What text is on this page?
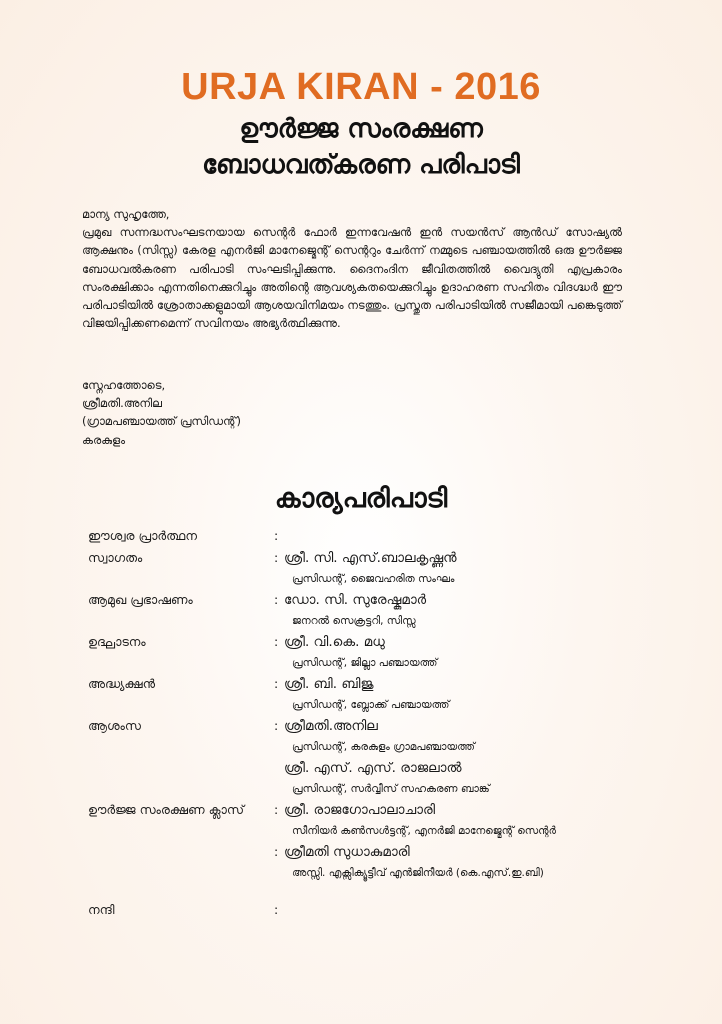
URJA KIRAN - 2016
ഊർജ്ജ സംരക്ഷണ
ബോധവത്കരണ പരിപാടി

മാന്യ സുഹൃത്തേ,

പ്രമുഖ സന്നദ്ധസംഘടനയായ സെന്റർ ഫോർ ഇന്നവേഷൻ ഇൻ സയൻസ് ആൻഡ് സോഷ്യൽ ആക്ഷനും (സിസ്സ) കേരള എനർജി മാനേജ്മെന്റ് സെന്ററും ചേർന്ന് നമ്മുടെ പഞ്ചായത്തിൽ ഒരു ഊർജ്ജ ബോധവൽകരണ പരിപാടി സംഘടിപ്പിക്കുന്നു. ദൈനംദിന ജീവിതത്തിൽ വൈദ്യുതി എപ്രകാരം സംരക്ഷിക്കാം എന്നതിനെക്കുറിച്ചും അതിന്റെ ആവശ്യകതയെക്കുറിച്ചും ഉദാഹരണ സഹിതം വിദഗ്ദ്ധർ ഈ പരിപാടിയിൽ ശ്രോതാക്കളുമായി ആശയവിനിമയം നടത്തും. പ്രസ്തുത പരിപാടിയിൽ സജീമായി പങ്കെടുത്ത് വിജയിപ്പിക്കണമെന്ന് സവിനയം അഭ്യർത്ഥിക്കുന്നു.

സ്നേഹത്തോടെ,
ശ്രീമതി.അനില
(ഗ്രാമപഞ്ചായത്ത് പ്രസിഡന്റ്)
കരകുളം
കാര്യപരിപാടി
ഈശ്വര പ്രാർത്ഥന	:
സ്വാഗതം	: ശ്രീ. സി. എസ്.ബാലകൃഷ്ണൻ
പ്രസിഡന്റ്, ജൈവഹരിത സംഘം
ആമുഖ പ്രഭാഷണം	: ഡോ. സി. സുരേഷ്കുമാർ
ജനറൽ സെക്രട്ടറി, സിസ്സ
ഉദ്ഘാടനം	: ശ്രീ. വി.കെ. മധു
പ്രസിഡന്റ്, ജില്ലാ പഞ്ചായത്ത്
അദ്ധ്യക്ഷൻ	: ശ്രീ. ബി. ബിജു
പ്രസിഡന്റ്, ബ്ലോക്ക് പഞ്ചായത്ത്
ആശംസ	: ശ്രീമതി.അനില
പ്രസിഡന്റ്, കരകുളം ഗ്രാമപഞ്ചായത്ത്
ശ്രീ. എസ്. എസ്. രാജലാൽ
പ്രസിഡന്റ്, സർവ്വീസ് സഹകരണ ബാങ്ക്
ഊർജ്ജ സംരക്ഷണ ക്ലാസ്	: ശ്രീ. രാജഗോപാലാചാരി
സീനിയർ കൺസൾട്ടന്റ്, എനർജി മാനേജ്മെന്റ് സെന്റർ
: ശ്രീമതി സുധാകുമാരി
അസ്സി. എക്സിക്യൂട്ടീവ് എൻജിനീയർ (കെ.എസ്.ഇ.ബി)
നന്ദി	:
